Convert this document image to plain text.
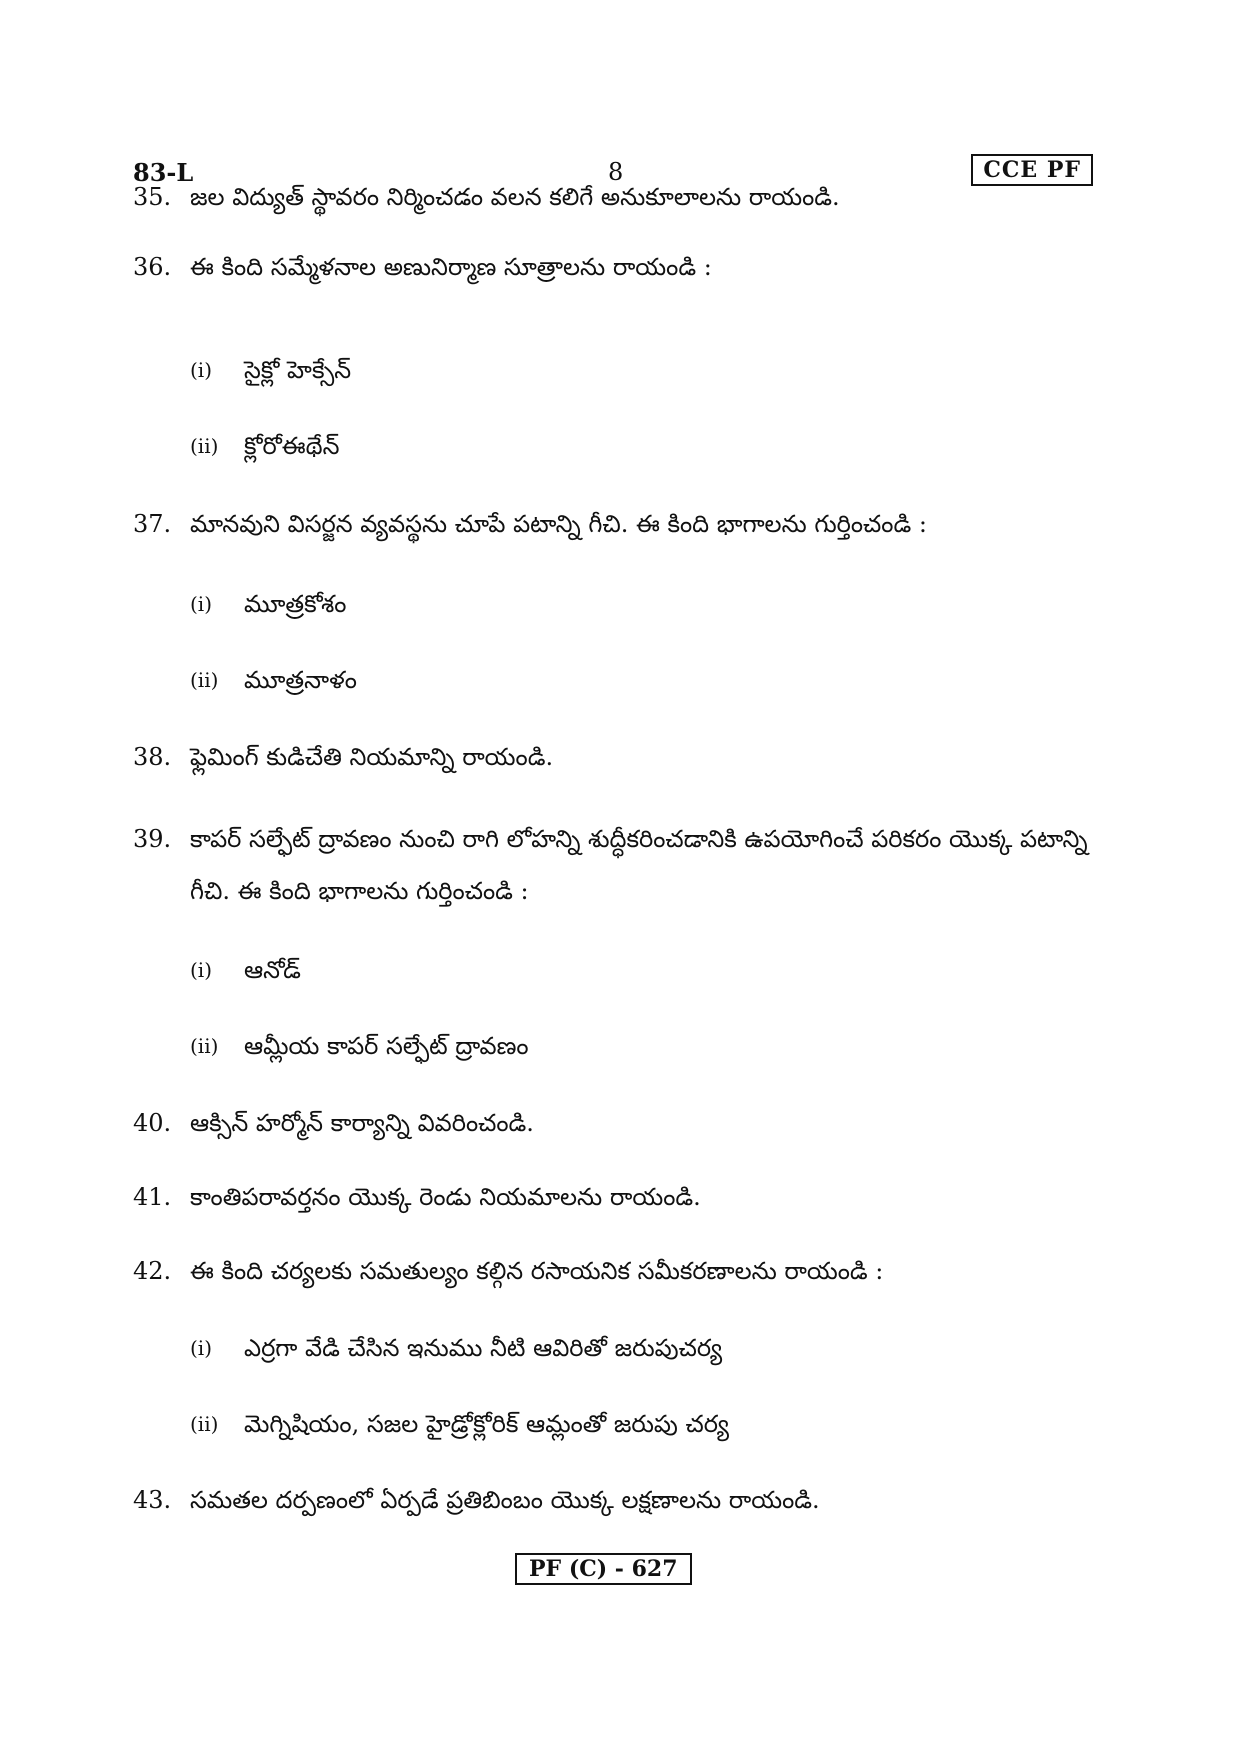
83-L	8	CCE PF
35. జల విద్యుత్ స్థావరం నిర్మించడం వలన కలిగే అనుకూలాలను రాయండి.
36. ఈ కింది సమ్మేళనాల అణునిర్మాణ సూత్రాలను రాయండి :
(i) సైక్లో హెక్సేన్
(ii) క్లోరోఈథేన్
37. మానవుని విసర్జన వ్యవస్థను చూపే పటాన్ని గీచి. ఈ కింది భాగాలను గుర్తించండి :
(i) మూత్రకోశం
(ii) మూత్రనాళం
38. ఫ్లెమింగ్ కుడిచేతి నియమాన్ని రాయండి.
39. కాపర్ సల్ఫేట్ ద్రావణం నుంచి రాగి లోహన్ని శుద్ధీకరించడానికి ఉపయోగించే పరికరం యొక్క పటాన్ని గీచి. ఈ కింది భాగాలను గుర్తించండి :
(i) ఆనోడ్
(ii) ఆమ్లీయ కాపర్ సల్ఫేట్ ద్రావణం
40. ఆక్సిన్ హర్మోన్ కార్యాన్ని వివరించండి.
41. కాంతిపరావర్తనం యొక్క రెండు నియమాలను రాయండి.
42. ఈ కింది చర్యలకు సమతుల్యం కల్గిన రసాయనిక సమీకరణాలను రాయండి :
(i) ఎర్రగా వేడి చేసిన ఇనుము నీటి ఆవిరితో జరుపుచర్య
(ii) మెగ్నిషియం, సజల హైడ్రోక్లోరిక్ ఆమ్లంతో జరుపు చర్య
43. సమతల దర్పణంలో ఏర్పడే ప్రతిబింబం యొక్క లక్షణాలను రాయండి.
PF (C) - 627
